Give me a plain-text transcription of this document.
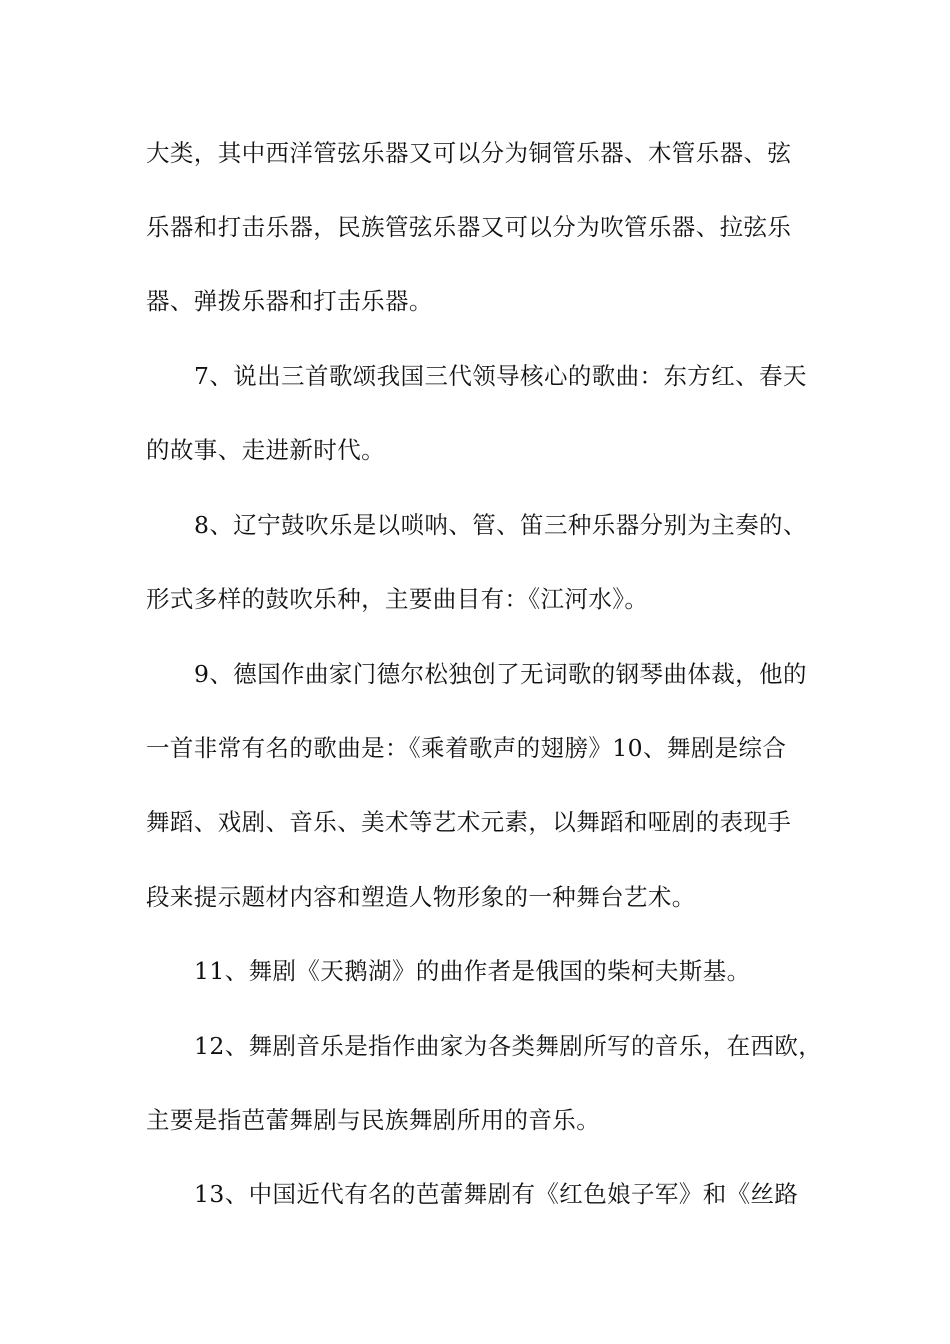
大类，其中西洋管弦乐器又可以分为铜管乐器、木管乐器、弦
乐器和打击乐器，民族管弦乐器又可以分为吹管乐器、拉弦乐
器、弹拨乐器和打击乐器。
7、说出三首歌颂我国三代领导核心的歌曲：东方红、春天
的故事、走进新时代。
8、辽宁鼓吹乐是以唢呐、管、笛三种乐器分别为主奏的、
形式多样的鼓吹乐种，主要曲目有：《江河水》。
9、德国作曲家门德尔松独创了无词歌的钢琴曲体裁，他的
一首非常有名的歌曲是：《乘着歌声的翅膀》10、舞剧是综合
舞蹈、戏剧、音乐、美术等艺术元素，以舞蹈和哑剧的表现手
段来提示题材内容和塑造人物形象的一种舞台艺术。
11、舞剧《天鹅湖》的曲作者是俄国的柴柯夫斯基。
12、舞剧音乐是指作曲家为各类舞剧所写的音乐，在西欧，
主要是指芭蕾舞剧与民族舞剧所用的音乐。
13、中国近代有名的芭蕾舞剧有《红色娘子军》和《丝路
